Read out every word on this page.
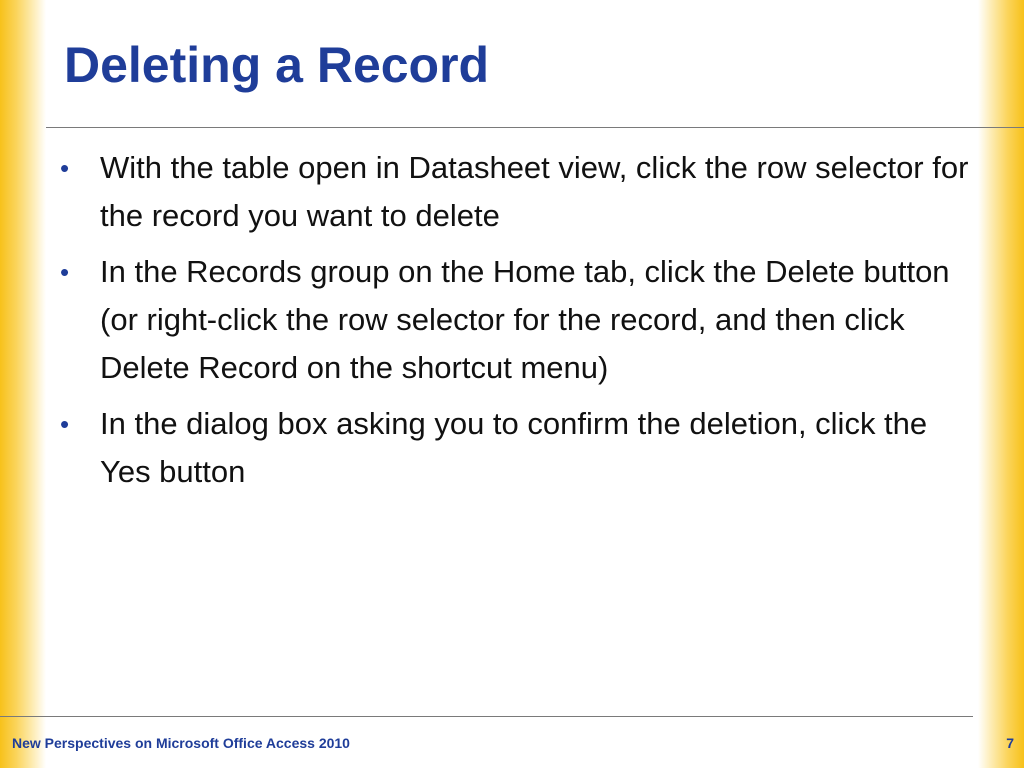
Deleting a Record
• With the table open in Datasheet view, click the row selector for the record you want to delete
• In the Records group on the Home tab, click the Delete button (or right-click the row selector for the record, and then click Delete Record on the shortcut menu)
• In the dialog box asking you to confirm the deletion, click the Yes button
New Perspectives on Microsoft Office Access 2010	7
